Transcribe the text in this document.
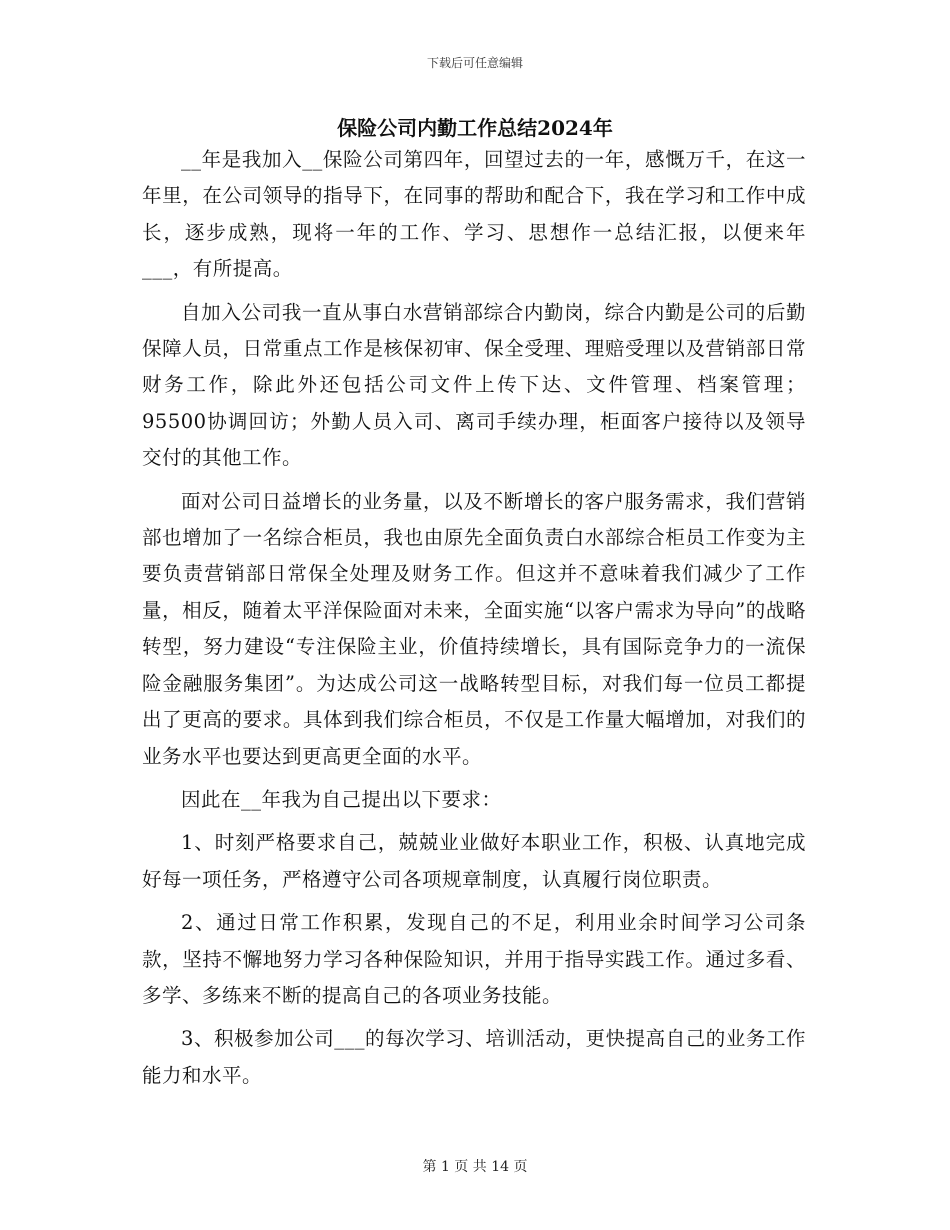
下载后可任意编辑
保险公司内勤工作总结2024年

__年是我加入__保险公司第四年，回望过去的一年，感慨万千，在这一年里，在公司领导的指导下，在同事的帮助和配合下，我在学习和工作中成长，逐步成熟，现将一年的工作、学习、思想作一总结汇报，以便来年___，有所提高。

自加入公司我一直从事白水营销部综合内勤岗，综合内勤是公司的后勤保障人员，日常重点工作是核保初审、保全受理、理赔受理以及营销部日常财务工作，除此外还包括公司文件上传下达、文件管理、档案管理；95500协调回访；外勤人员入司、离司手续办理，柜面客户接待以及领导交付的其他工作。

面对公司日益增长的业务量，以及不断增长的客户服务需求，我们营销部也增加了一名综合柜员，我也由原先全面负责白水部综合柜员工作变为主要负责营销部日常保全处理及财务工作。但这并不意味着我们减少了工作量，相反，随着太平洋保险面对未来，全面实施“以客户需求为导向”的战略转型，努力建设“专注保险主业，价值持续增长，具有国际竞争力的一流保险金融服务集团”。为达成公司这一战略转型目标，对我们每一位员工都提出了更高的要求。具体到我们综合柜员，不仅是工作量大幅增加，对我们的业务水平也要达到更高更全面的水平。

因此在__年我为自己提出以下要求：

1、时刻严格要求自己，兢兢业业做好本职业工作，积极、认真地完成好每一项任务，严格遵守公司各项规章制度，认真履行岗位职责。

2、通过日常工作积累，发现自己的不足，利用业余时间学习公司条款，坚持不懈地努力学习各种保险知识，并用于指导实践工作。通过多看、多学、多练来不断的提高自己的各项业务技能。

3、积极参加公司___的每次学习、培训活动，更快提高自己的业务工作能力和水平。

第 1 页 共 14 页
